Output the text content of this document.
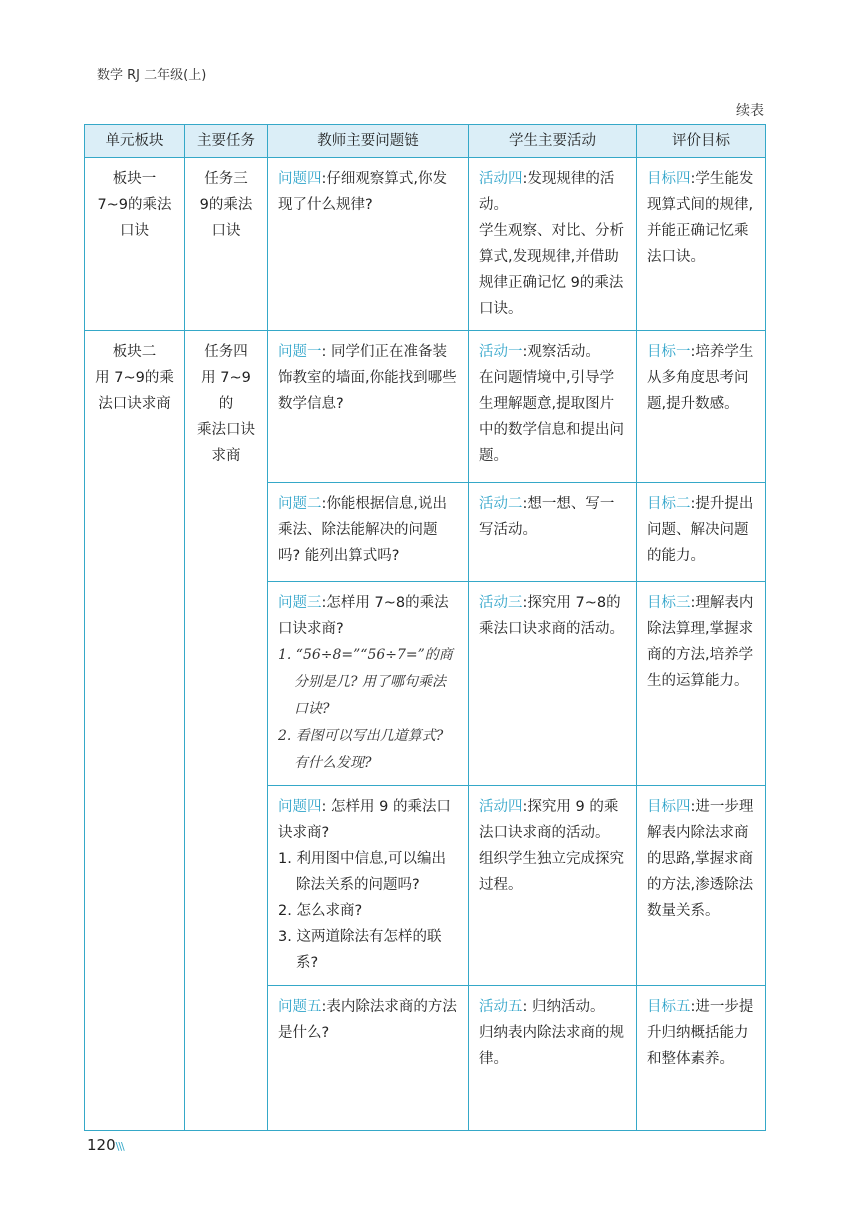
数学 RJ 二年级(上)
续表
单元板块	主要任务	教师主要问题链	学生主要活动	评价目标

板块一
7~9的乘法
口诀	任务三
9的乘法
口诀	问题四:仔细观察算式,你发现了什么规律?	活动四:发现规律的活动。
学生观察、对比、分析算式,发现规律,并借助规律正确记忆 9的乘法口诀。	目标四:学生能发现算式间的规律,并能正确记忆乘法口诀。

板块二
用 7~9的乘
法口诀求商	任务四
用 7~9的
乘法口诀
求商	问题一: 同学们正在准备装饰教室的墙面,你能找到哪些数学信息?	活动一:观察活动。
在问题情境中,引导学生理解题意,提取图片中的数学信息和提出问题。	目标一:培养学生从多角度思考问题,提升数感。
		问题二:你能根据信息,说出乘法、除法能解决的问题吗? 能列出算式吗?	活动二:想一想、写一写活动。	目标二:提升提出问题、解决问题的能力。
		问题三:怎样用 7~8的乘法口诀求商?
1. “56÷8=”“56÷7=”的商分别是几? 用了哪句乘法口诀?
2. 看图可以写出几道算式? 有什么发现?	活动三:探究用 7~8的乘法口诀求商的活动。	目标三:理解表内除法算理,掌握求商的方法,培养学生的运算能力。
		问题四: 怎样用 9 的乘法口诀求商?
1. 利用图中信息,可以编出除法关系的问题吗?
2. 怎么求商?
3. 这两道除法有怎样的联系?	活动四:探究用 9 的乘法口诀求商的活动。
组织学生独立完成探究过程。	目标四:进一步理解表内除法求商的思路,掌握求商的方法,渗透除法数量关系。
		问题五:表内除法求商的方法是什么?	活动五: 归纳活动。
归纳表内除法求商的规律。	目标五:进一步提升归纳概括能力和整体素养。
120\\\
